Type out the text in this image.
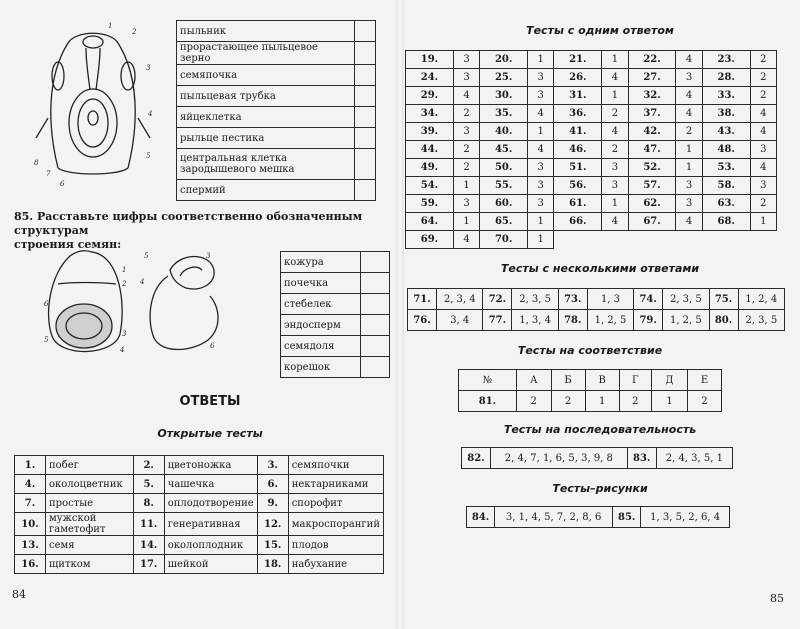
1
2
3
4
5
6
7
8
пыльник	
прорастающее пыльцевое зерно	
семяпочка	
пыльцевая трубка	
яйцеклетка	
рыльце пестика	
центральная клетка зародышевого мешка	
спермий	
85. Расставьте цифры соответственно обозначенным структурам
строения семян:
1
2
3
4
5
6
5	3
4
6
кожура	
почечка	
стебелек	
эндосперм	
семядоля	
корешок	
ОТВЕТЫ
Открытые тесты
1.	побег	2.	цветоножка	3.	семяпочки
4.	околоцветник	5.	чашечка	6.	нектарниками
7.	простые	8.	оплодотворение	9.	спорофит
10.	мужской гаметофит	11.	генеративная	12.	макроспорангий
13.	семя	14.	околоплодник	15.	плодов
16.	щитком	17.	шейкой	18.	набухание
84
Тесты с одним ответом
19.	3	20.	1	21.	1	22.	4	23.	2
24.	3	25.	3	26.	4	27.	3	28.	2
29.	4	30.	3	31.	1	32.	4	33.	2
34.	2	35.	4	36.	2	37.	4	38.	4
39.	3	40.	1	41.	4	42.	2	43.	4
44.	2	45.	4	46.	2	47.	1	48.	3
49.	2	50.	3	51.	3	52.	1	53.	4
54.	1	55.	3	56.	3	57.	3	58.	3
59.	3	60.	3	61.	1	62.	3	63.	2
64.	1	65.	1	66.	4	67.	4	68.	1
69.	4	70.	1						
Тесты с несколькими ответами
71.	2, 3, 4	72.	2, 3, 5	73.	1, 3	74.	2, 3, 5	75.	1, 2, 4
76.	3, 4	77.	1, 3, 4	78.	1, 2, 5	79.	1, 2, 5	80.	2, 3, 5
Тесты на соответствие
№	А	Б	В	Г	Д	Е
81.	2	2	1	2	1	2
Тесты на последовательность
82.	2, 4, 7, 1, 6, 5, 3, 9, 8	83.	2, 4, 3, 5, 1
Тесты–рисунки
84.	3, 1, 4, 5, 7, 2, 8, 6	85.	1, 3, 5, 2, 6, 4
85
